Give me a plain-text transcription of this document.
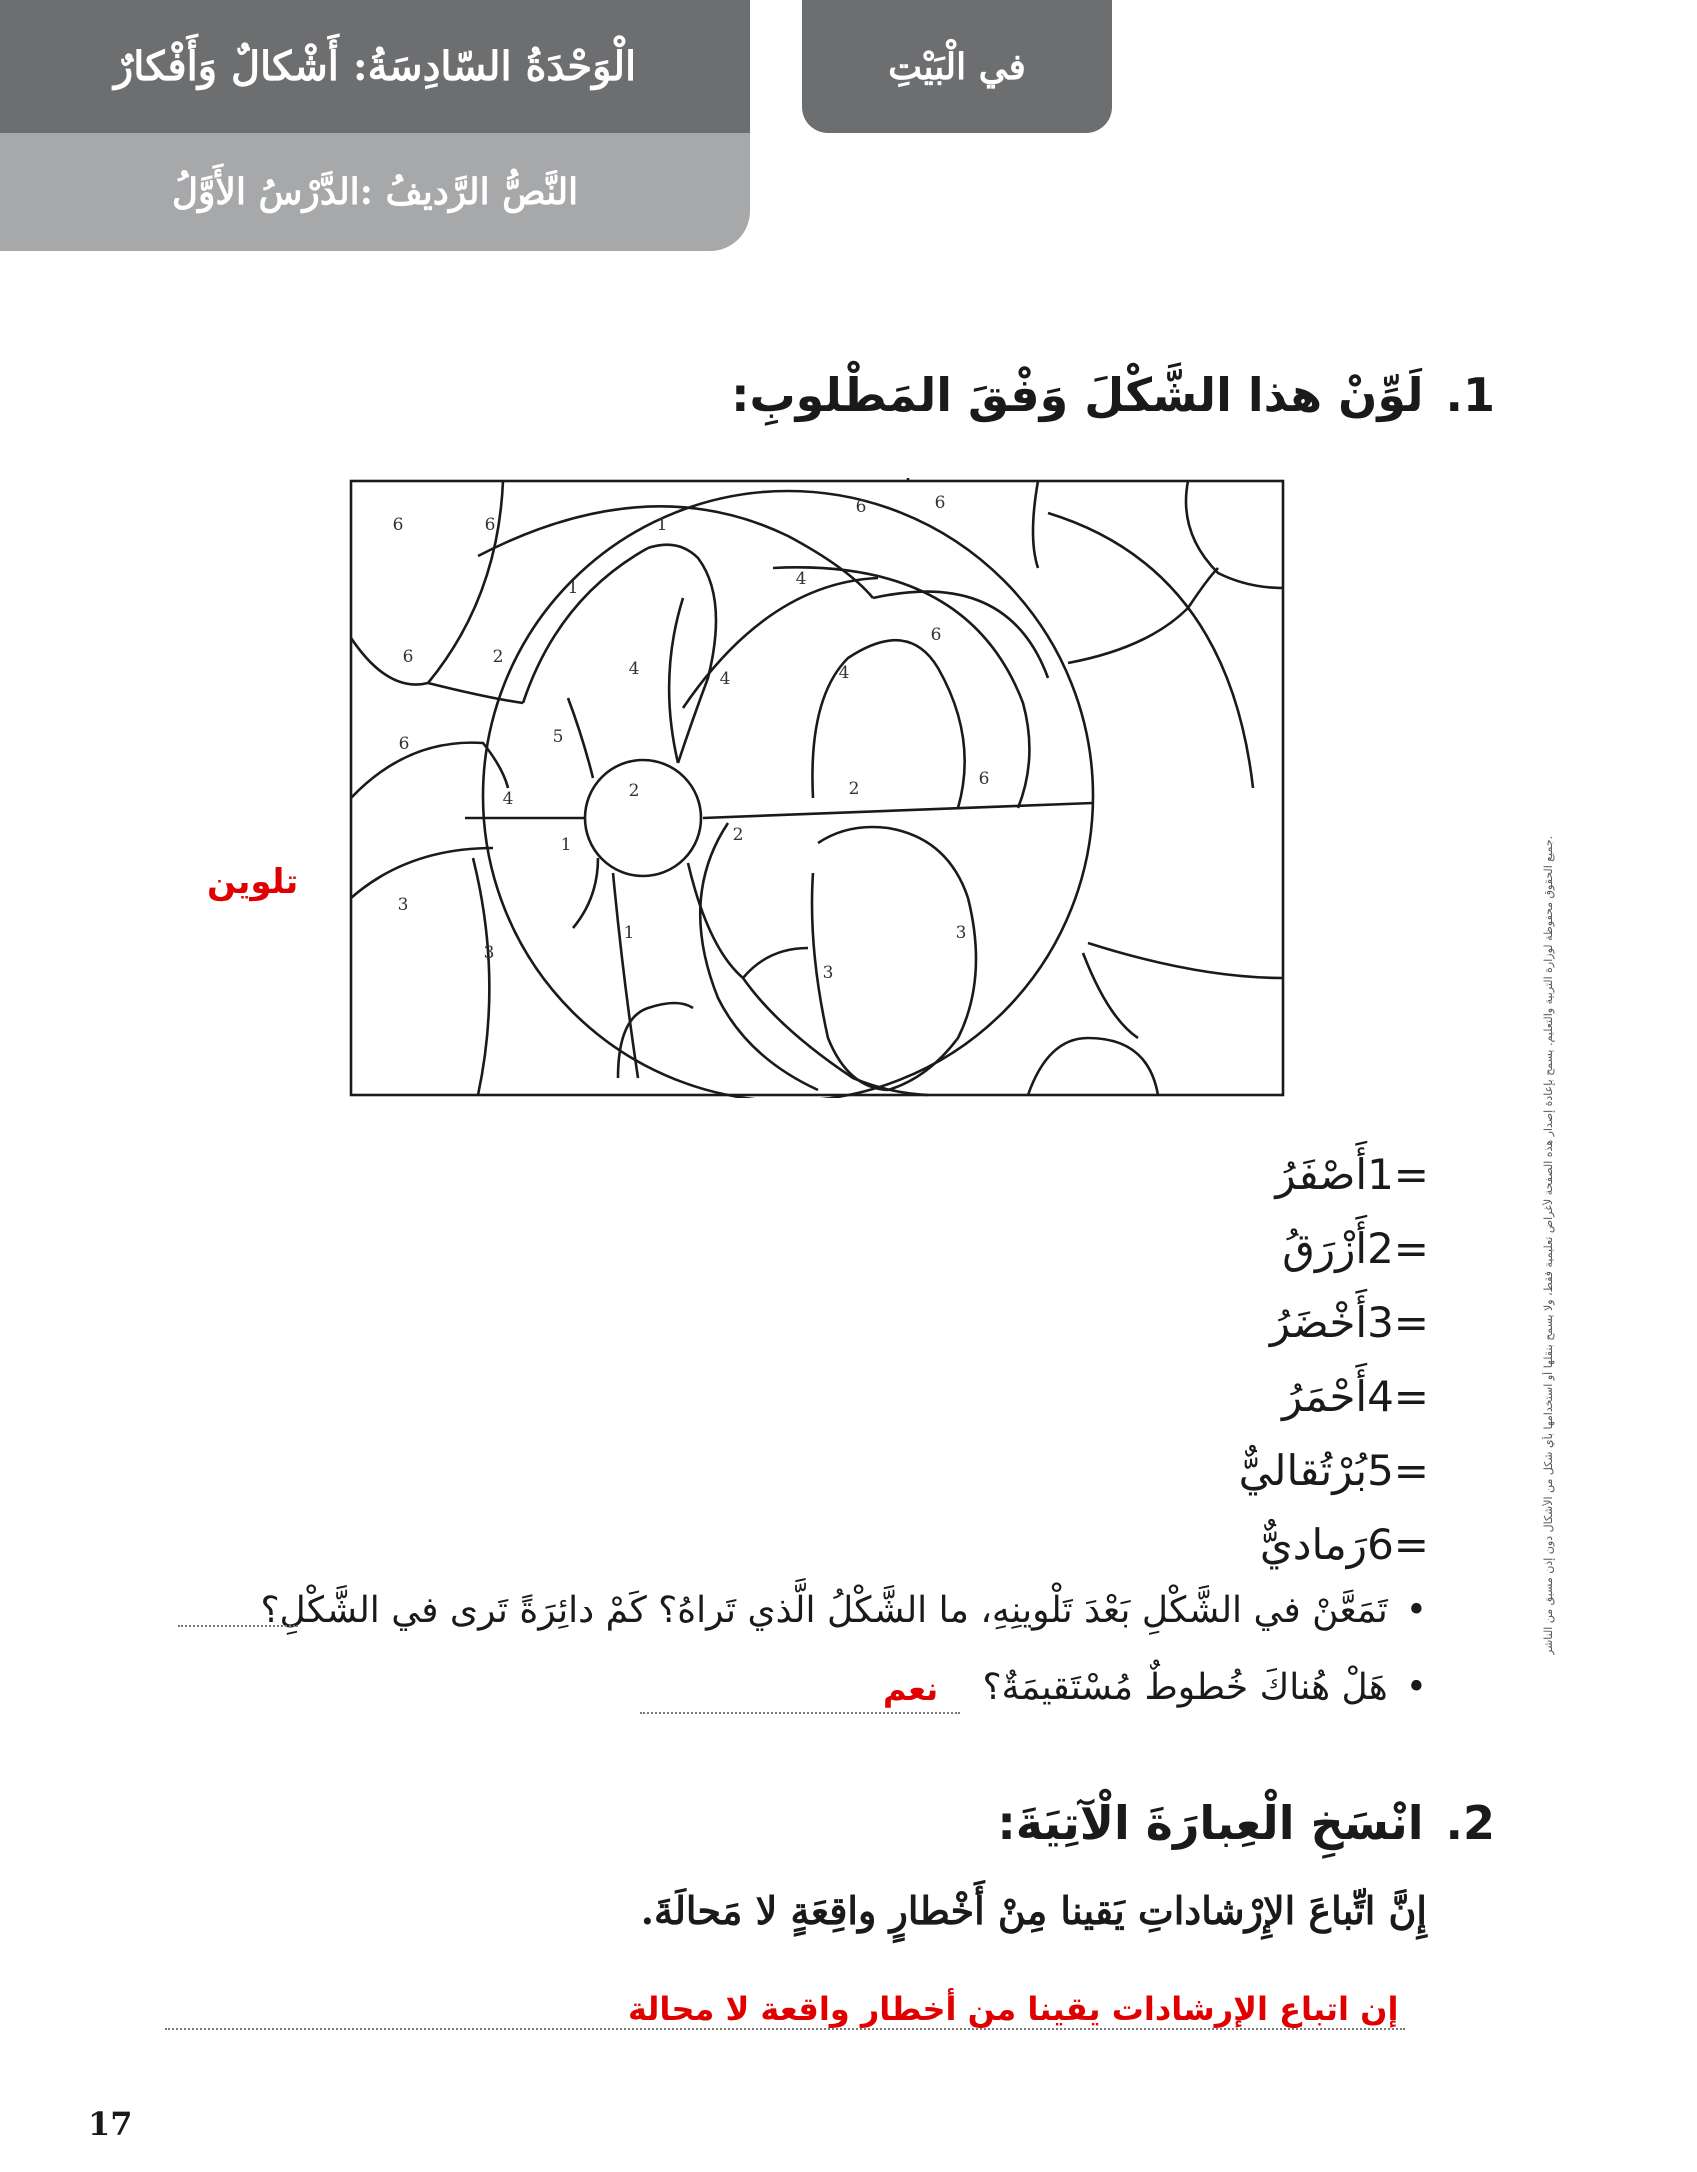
الْوَحْدَةُ السّادِسَةُ: أَشْكالٌ وَأَفْكارٌ
النَّصُّ الرَّديفُ :الدَّرْسُ الأَوَّلُ
في الْبَيْتِ
جميع الحقوق محفوظة لوزارة التربية والتعليم. يسمح بإعادة إصدار هذه الصفحة لأغراض تعليمية فقط، ولا يسمح بنقلها أو استخدامها بأي شكل من الأشكال دون إذن مسبق من الناشر.
1.لَوِّنْ هذا الشَّكْلَ وَفْقَ المَطْلوبِ:
تلوين
6	6	1
6	6
1	4
6
6	2
4	4	4
6	5
4	2	2	6
1	2
3
3
1	3
3
1=
أَصْفَرُ
2=
أَزْرَقُ
3=
أَخْضَرُ
4=
أَحْمَرُ
5=
بُرْتُقاليٌّ
6=
رَماديٌّ
•تَمَعَّنْ في الشَّكْلِ بَعْدَ تَلْوينِهِ، ما الشَّكْلُ الَّذي تَراهُ؟ كَمْ دائِرَةً تَرى في الشَّكْلِ؟
•هَلْ هُناكَ خُطوطٌ مُسْتَقيمَةٌ؟
نعم
2.انْسَخِ الْعِبارَةَ الْآتِيَةَ:
إِنَّ اتِّباعَ الإِرْشاداتِ يَقينا مِنْ أَخْطارٍ واقِعَةٍ لا مَحالَةَ.
إن اتباع الإرشادات يقينا من أخطار واقعة لا محالة
17
